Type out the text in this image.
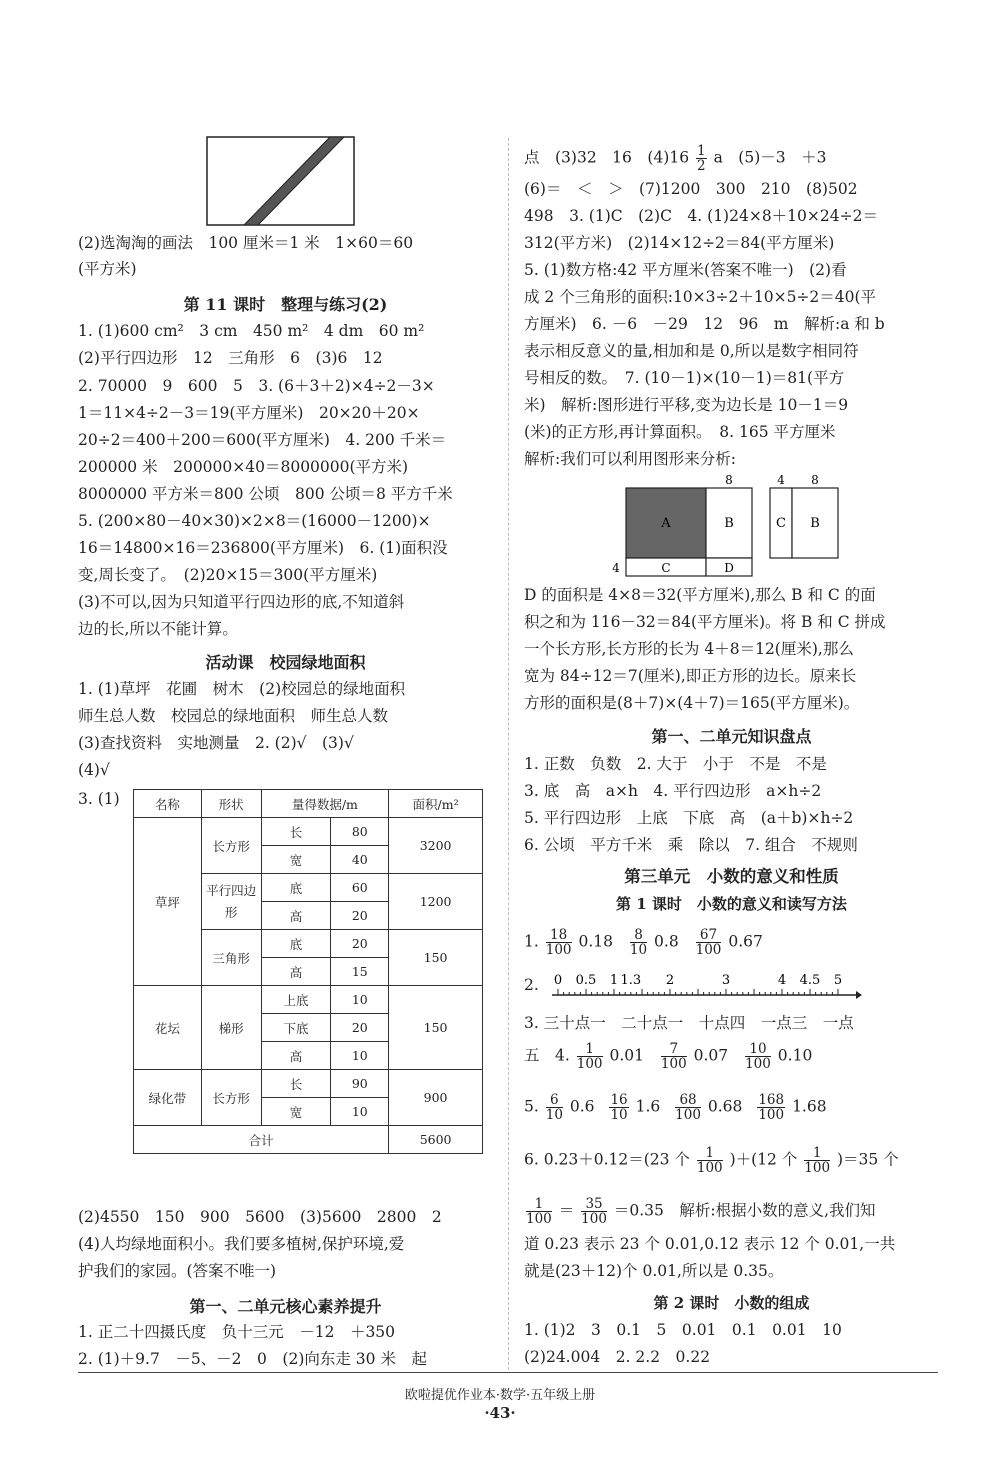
(2)选淘淘的画法　100 厘米＝1 米　1×60＝60
(平方米)
第 11 课时　整理与练习(2)
1. (1)600 cm²　3 cm　450 m²　4 dm　60 m²
(2)平行四边形　12　三角形　6　(3)6　12
2. 70000　9　600　5　3. (6＋3＋2)×4÷2－3×
1＝11×4÷2－3＝19(平方厘米)　20×20＋20×
20÷2＝400＋200＝600(平方厘米)　4. 200 千米＝
200000 米　200000×40＝8000000(平方米)
8000000 平方米＝800 公顷　800 公顷＝8 平方千米
5. (200×80－40×30)×2×8＝(16000－1200)×
16＝14800×16＝236800(平方厘米)　6. (1)面积没
变,周长变了。　(2)20×15＝300(平方厘米)
(3)不可以,因为只知道平行四边形的底,不知道斜
边的长,所以不能计算。
活动课　校园绿地面积
1. (1)草坪　花圃　树木　(2)校园总的绿地面积
师生总人数　校园总的绿地面积　师生总人数
(3)查找资料　实地测量　2. (2)√　(3)√
(4)√
3. (1)	名称	形状	量得数据/m		面积/m²
草坪	长方形	长	80	3200
		宽	40	
	平行四边形	底	60	1200
		高	20	
	三角形	底	20	150
		高	15	
花坛	梯形	上底	10	150
		下底	20	
		高	10	
绿化带	长方形	长	90	900
		宽	10	
合计				5600
(2)4550　150　900　5600　(3)5600　2800　2
(4)人均绿地面积小。我们要多植树,保护环境,爱
护我们的家园。(答案不唯一)
第一、二单元核心素养提升
1. 正二十四摄氏度　负十三元　－12　＋350
2. (1)＋9.7　－5、－2　0　(2)向东走 30 米　起
点　(3)32　16　$(4)16 \frac{1}{2}$ a　(5)－3　＋3
(6)＝　＜　＞　(7)1200　300　210　(8)502
498　3. (1)C　(2)C　4. (1)24×8＋10×24÷2＝
312(平方米)　(2)14×12÷2＝84(平方厘米)
5. (1)数方格:42 平方厘米(答案不唯一)　(2)看
成 2 个三角形的面积:10×3÷2＋10×5÷2＝40(平
方厘米)　6. －6　－29　12　96　m　解析:a 和 b
表示相反意义的量,相加和是 0,所以是数字相同符
号相反的数。　7. (10－1)×(10－1)＝81(平方
米)　解析:图形进行平移,变为边长是 10－1＝9
(米)的正方形,再计算面积。　8. 165 平方厘米
解析:我们可以利用图形来分析:
A	B
C	D
C B
8
4
4 8
D 的面积是 4×8＝32(平方厘米),那么 B 和 C 的面
积之和为 116－32＝84(平方厘米)。将 B 和 C 拼成
一个长方形,长方形的长为 4＋8＝12(厘米),那么
宽为 84÷12＝7(厘米),即正方形的边长。原来长
方形的面积是(8＋7)×(4＋7)＝165(平方厘米)。
第一、二单元知识盘点
1. 正数　负数　2. 大于　小于　不是　不是
3. 底　高　a×h　4. 平行四边形　a×h÷2
5. 平行四边形　上底　下底　高　(a＋b)×h÷2
6. 公顷　平方千米　乘　除以　7. 组合　不规则
第三单元　小数的意义和性质
第 1 课时　小数的意义和读写方法
1. $\frac{18}{100} 0.18 \frac{8}{10} 0.8 \frac{67}{100} 0.67$
2. 0 0.5 1 1.3 2	3	4 4.5 5
3. 三十点一　二十点一　十点四　一点三　一点
五　4. $\frac{1}{100} 0.01 \frac{7}{100} 0.07 \frac{10}{100} 0.10$
5. $\frac{6}{10} 0.6 \frac{16}{10} 1.6 \frac{68}{100} 0.68 \frac{168}{100} 1.68$
6. 0.23＋0.12＝(23 个 $\frac{1}{100} )+(12$ 个 $\frac{1}{100} )=35$ 个
$\frac{1}{100} = \frac{35}{100} =0.35$　解析:根据小数的意义,我们知
道 0.23 表示 23 个 0.01,0.12 表示 12 个 0.01,一共
就是(23＋12)个 0.01,所以是 0.35。
第 2 课时　小数的组成
1. (1)2　3　0.1　5　0.01　0.1　0.01　10
(2)24.004　2. 2.2　0.22
欧啦提优作业本·数学·五年级上册
·43·
